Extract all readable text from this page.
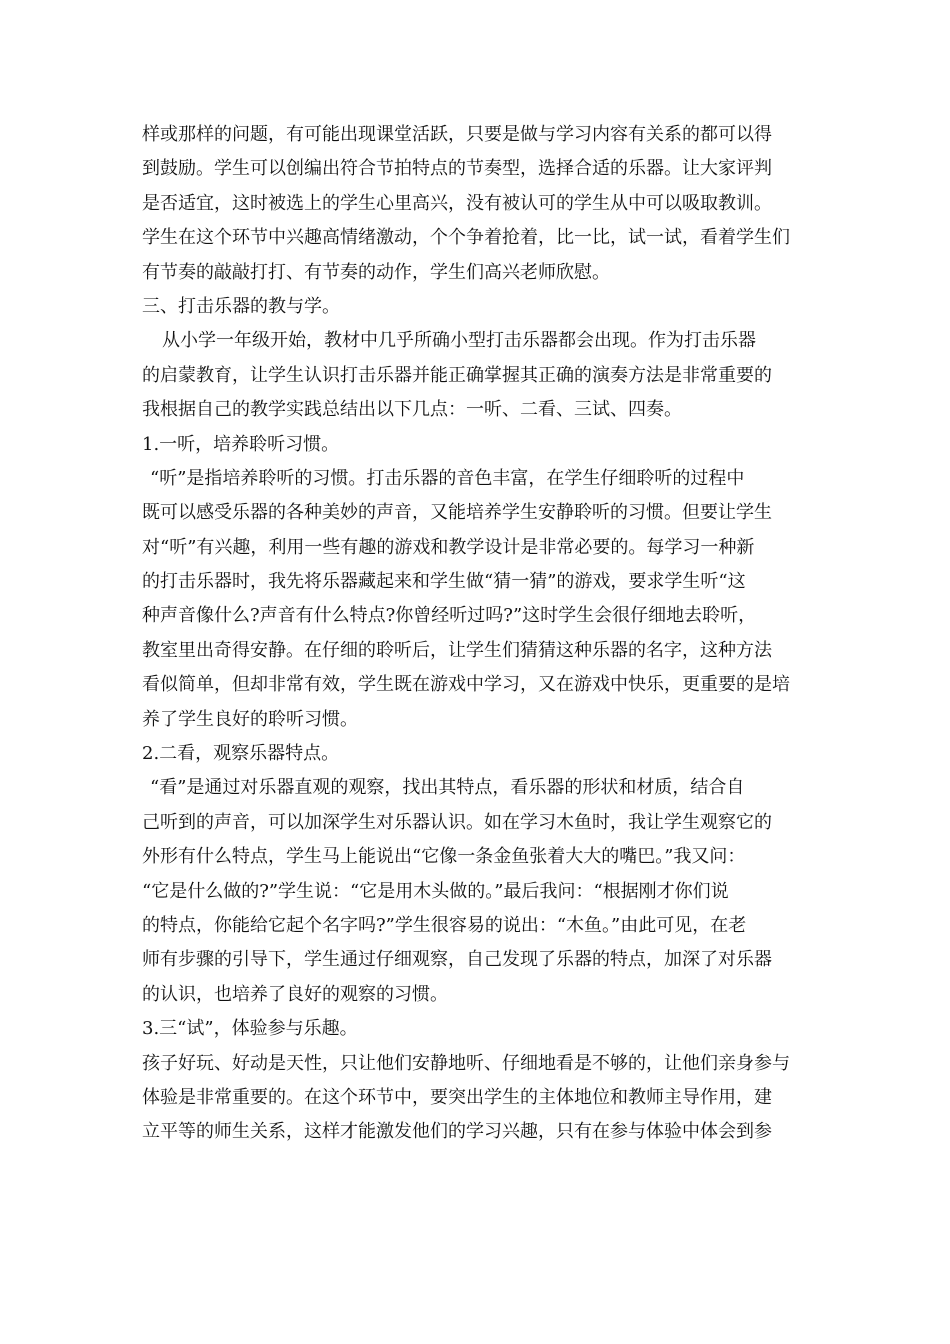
样或那样的问题，有可能出现课堂活跃，只要是做与学习内容有关系的都可以得
到鼓励。学生可以创编出符合节拍特点的节奏型，选择合适的乐器。让大家评判
是否适宜，这时被选上的学生心里高兴，没有被认可的学生从中可以吸取教训。
学生在这个环节中兴趣高情绪激动，个个争着抢着，比一比，试一试，看着学生们
有节奏的敲敲打打、有节奏的动作，学生们高兴老师欣慰。
三、打击乐器的教与学。
从小学一年级开始，教材中几乎所确小型打击乐器都会出现。作为打击乐器
的启蒙教育，让学生认识打击乐器并能正确掌握其正确的演奏方法是非常重要的
我根据自己的教学实践总结出以下几点：一听、二看、三试、四奏。
1.一听，培养聆听习惯。
“听”是指培养聆听的习惯。打击乐器的音色丰富，在学生仔细聆听的过程中
既可以感受乐器的各种美妙的声音，又能培养学生安静聆听的习惯。但要让学生
对“听”有兴趣，利用一些有趣的游戏和教学设计是非常必要的。每学习一种新
的打击乐器时，我先将乐器藏起来和学生做“猜一猜”的游戏，要求学生听“这
种声音像什么?声音有什么特点?你曾经听过吗?”这时学生会很仔细地去聆听，
教室里出奇得安静。在仔细的聆听后，让学生们猜猜这种乐器的名字，这种方法
看似简单，但却非常有效，学生既在游戏中学习，又在游戏中快乐，更重要的是培
养了学生良好的聆听习惯。
2.二看，观察乐器特点。
“看”是通过对乐器直观的观察，找出其特点，看乐器的形状和材质，结合自
己听到的声音，可以加深学生对乐器认识。如在学习木鱼时，我让学生观察它的
外形有什么特点，学生马上能说出“它像一条金鱼张着大大的嘴巴。”我又问：
“它是什么做的?”学生说：“它是用木头做的。”最后我问：“根据刚才你们说
的特点，你能给它起个名字吗?”学生很容易的说出：“木鱼。”由此可见，在老
师有步骤的引导下，学生通过仔细观察，自己发现了乐器的特点，加深了对乐器
的认识，也培养了良好的观察的习惯。
3.三“试”，体验参与乐趣。
孩子好玩、好动是天性，只让他们安静地听、仔细地看是不够的，让他们亲身参与
体验是非常重要的。在这个环节中，要突出学生的主体地位和教师主导作用，建
立平等的师生关系，这样才能激发他们的学习兴趣，只有在参与体验中体会到参
